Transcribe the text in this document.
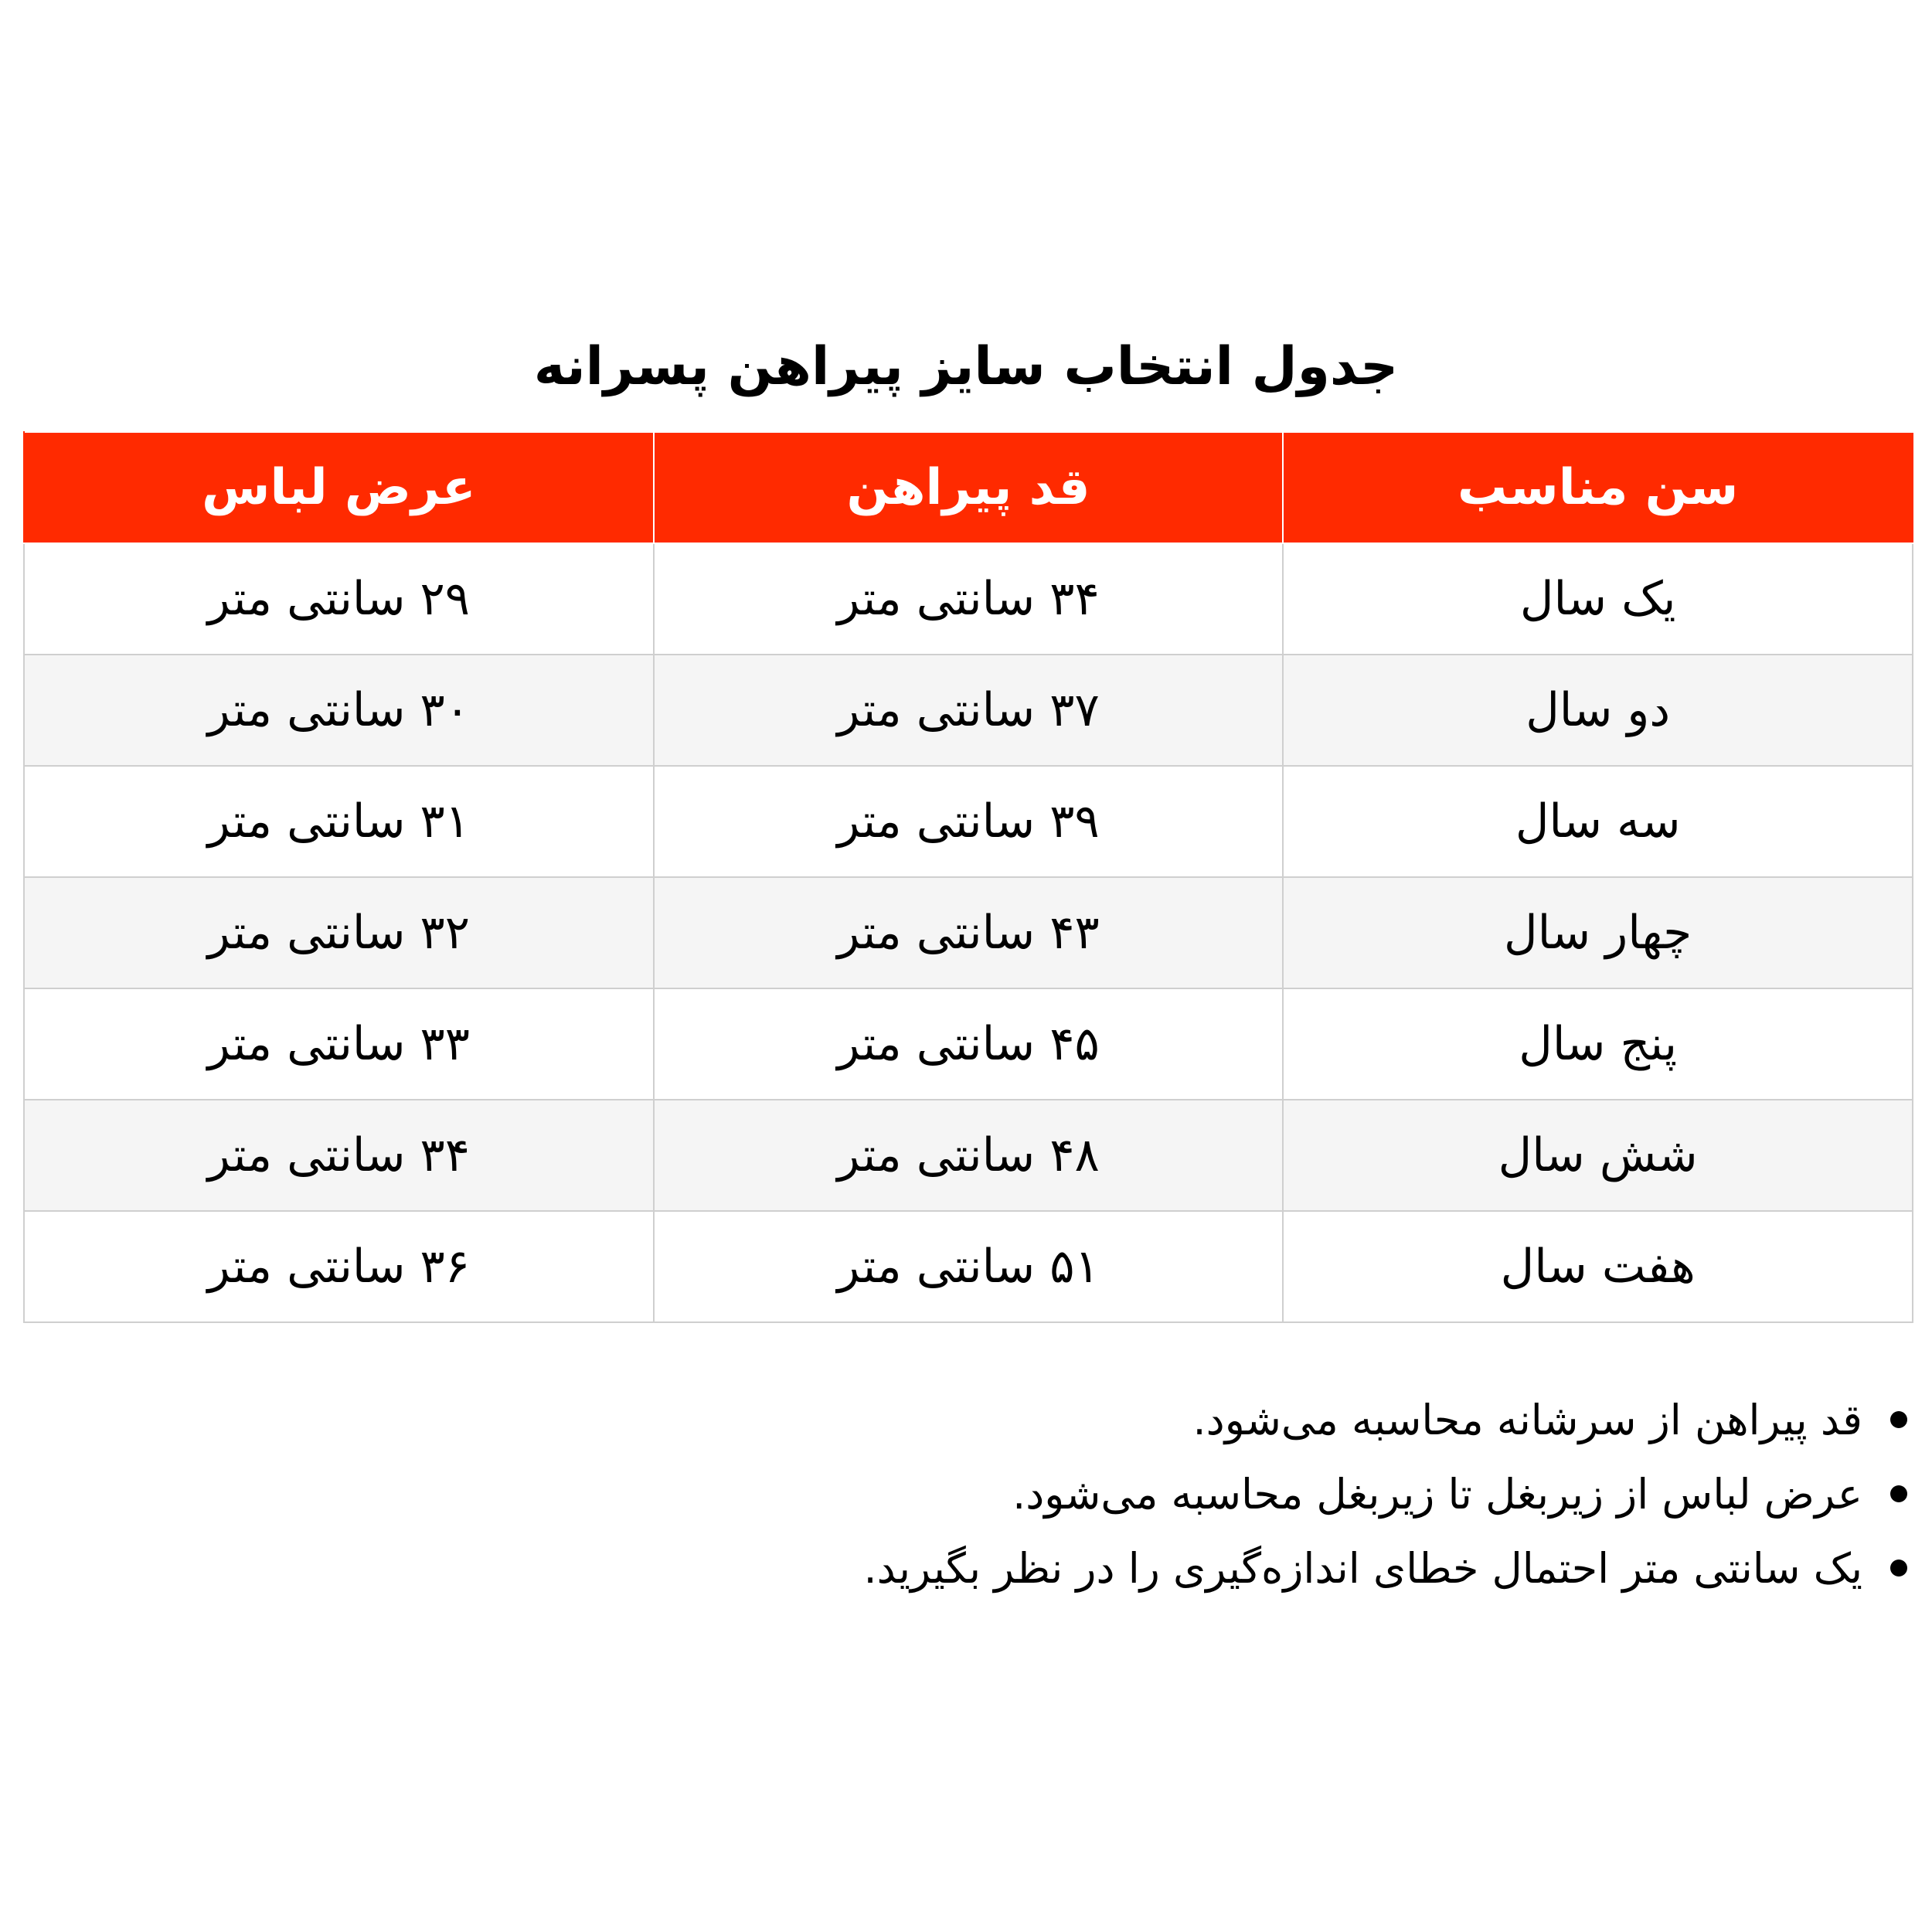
جدول انتخاب سایز پیراهن پسرانه
سن مناسب	قد پیراهن	عرض لباس
یک سال	۳۴ سانتی متر	۲۹ سانتی متر
دو سال	۳۷ سانتی متر	۳۰ سانتی متر
سه سال	۳۹ سانتی متر	۳۱ سانتی متر
چهار سال	۴۳ سانتی متر	۳۲ سانتی متر
پنج سال	۴۵ سانتی متر	۳۳ سانتی متر
شش سال	۴۸ سانتی متر	۳۴ سانتی متر
هفت سال	۵۱ سانتی متر	۳۶ سانتی متر
قد پیراهن از سرشانه محاسبه می‌شود.
عرض لباس از زیربغل تا زیربغل محاسبه می‌شود.
یک سانتی متر احتمال خطای اندازه‌گیری را در نظر بگیرید.
